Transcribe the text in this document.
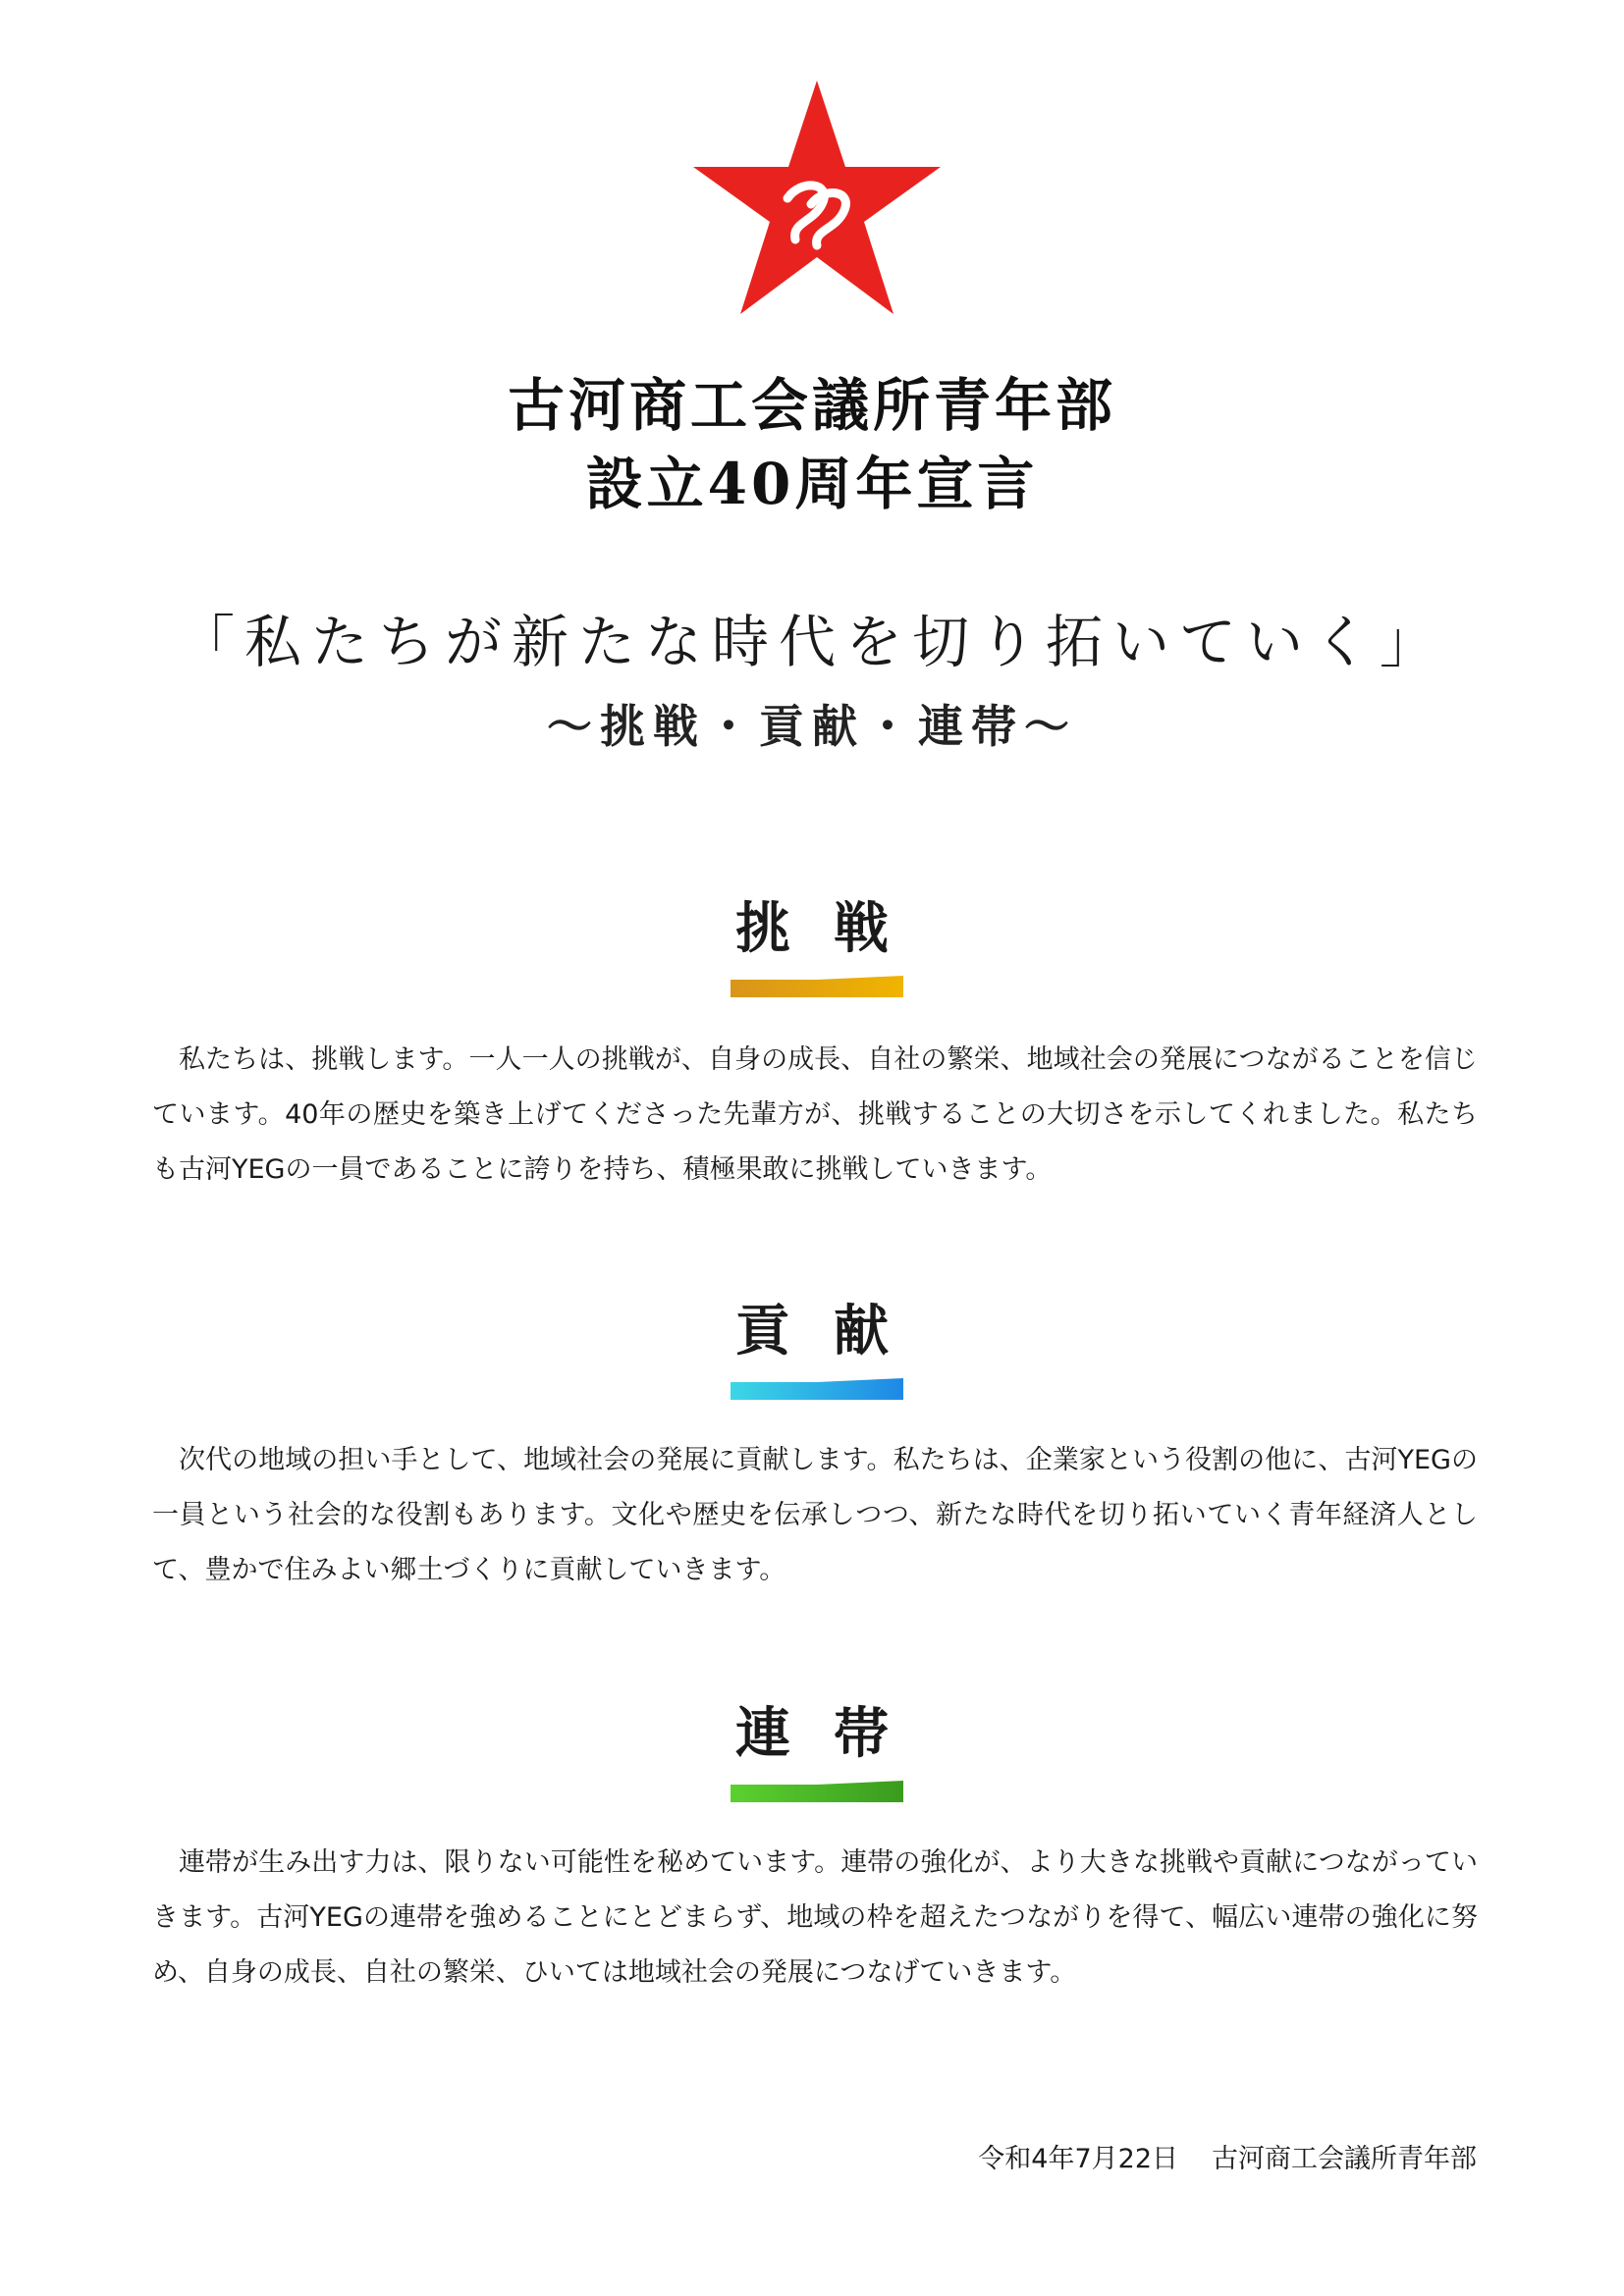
古河商工会議所青年部
設立40周年宣言
「私たちが新たな時代を切り拓いていく」
～挑戦・貢献・連帯～
挑戦
私たちは、挑戦します。一人一人の挑戦が、自身の成長、自社の繁栄、地域社会の発展につながることを信じています。40年の歴史を築き上げてくださった先輩方が、挑戦することの大切さを示してくれました。私たちも古河YEGの一員であることに誇りを持ち、積極果敢に挑戦していきます。
貢献
次代の地域の担い手として、地域社会の発展に貢献します。私たちは、企業家という役割の他に、古河YEGの一員という社会的な役割もあります。文化や歴史を伝承しつつ、新たな時代を切り拓いていく青年経済人として、豊かで住みよい郷土づくりに貢献していきます。
連帯
連帯が生み出す力は、限りない可能性を秘めています。連帯の強化が、より大きな挑戦や貢献につながっていきます。古河YEGの連帯を強めることにとどまらず、地域の枠を超えたつながりを得て、幅広い連帯の強化に努め、自身の成長、自社の繁栄、ひいては地域社会の発展につなげていきます。
令和4年7月22日 古河商工会議所青年部
